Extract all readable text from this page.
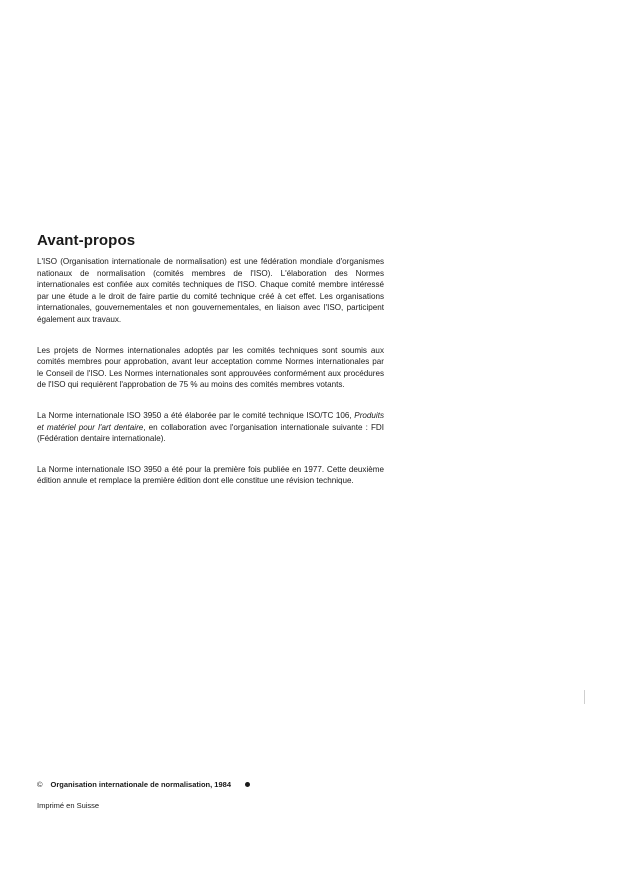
Avant-propos

L'ISO (Organisation internationale de normalisation) est une fédération mondiale d'organismes nationaux de normalisation (comités membres de l'ISO). L'élaboration des Normes internationales est confiée aux comités techniques de l'ISO. Chaque comité membre intéressé par une étude a le droit de faire partie du comité technique créé à cet effet. Les organisations internationales, gouvernementales et non gouvernementales, en liaison avec l'ISO, participent également aux travaux.

Les projets de Normes internationales adoptés par les comités techniques sont soumis aux comités membres pour approbation, avant leur acceptation comme Normes internationales par le Conseil de l'ISO. Les Normes internationales sont approuvées conformément aux procédures de l'ISO qui requièrent l'approbation de 75 % au moins des comités membres votants.

La Norme internationale ISO 3950 a été élaborée par le comité technique ISO/TC 106, Produits et matériel pour l'art dentaire, en collaboration avec l'organisation internationale suivante : FDI (Fédération dentaire internationale).

La Norme internationale ISO 3950 a été pour la première fois publiée en 1977. Cette deuxième édition annule et remplace la première édition dont elle constitue une révision technique.

© Organisation internationale de normalisation, 1984
Imprimé en Suisse
